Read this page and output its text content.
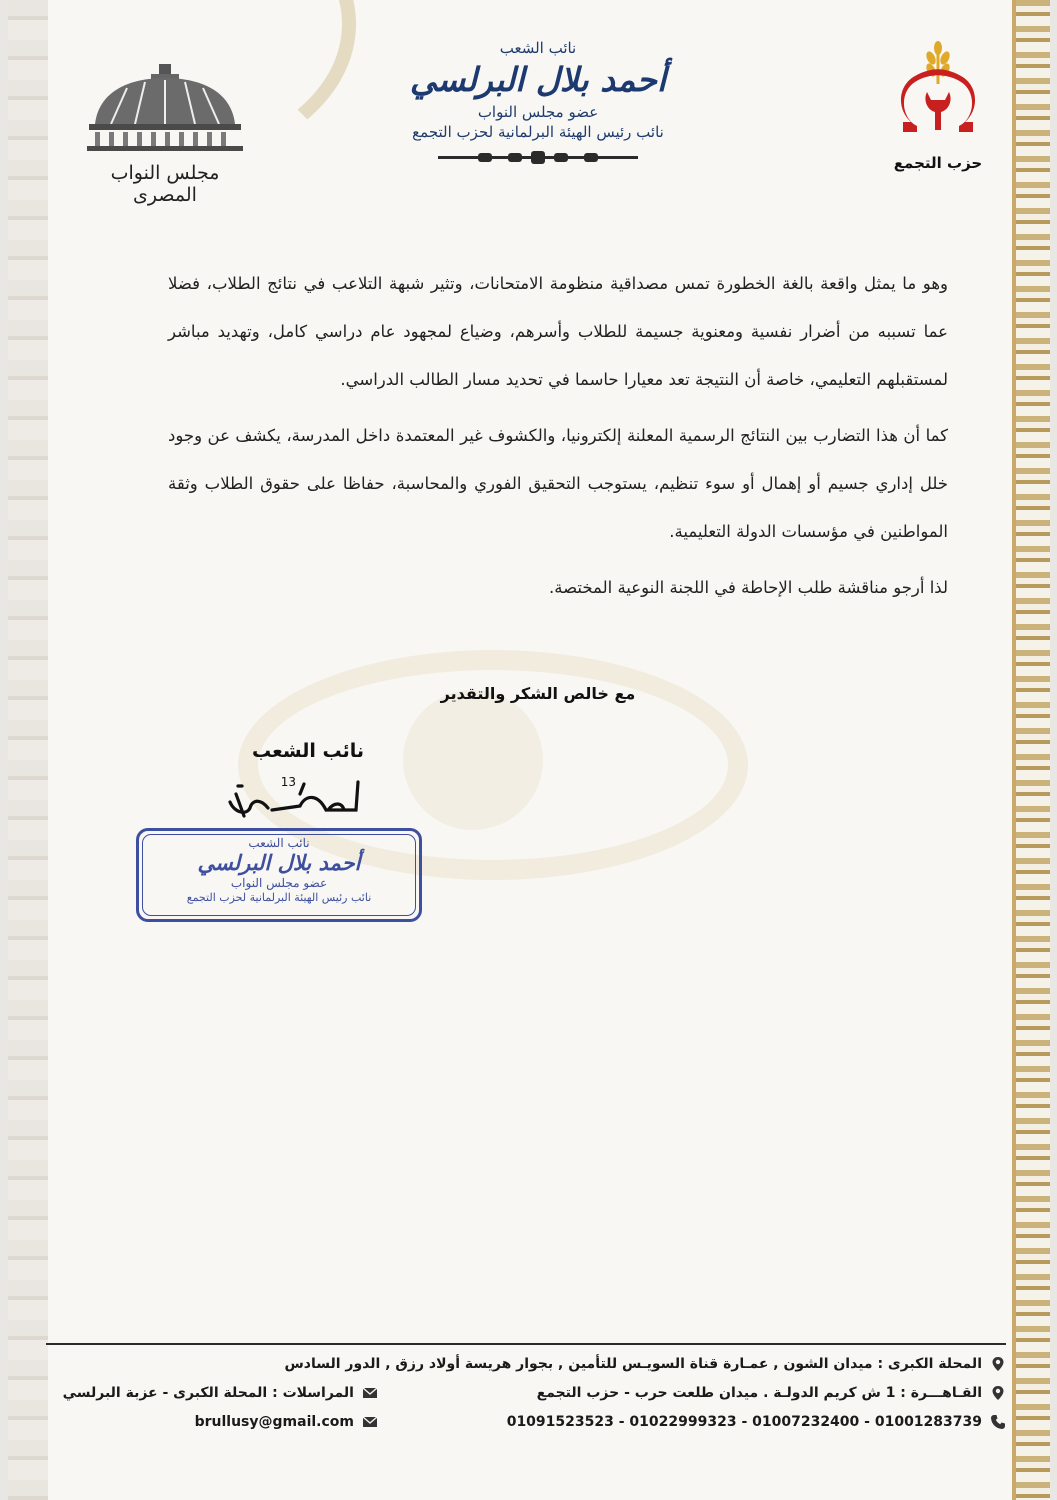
حزب التجمع
مجلس النواب المصرى
نائب الشعب
أحمد بلال البرلسي
عضو مجلس النواب
نائب رئيس الهيئة البرلمانية لحزب التجمع

وهو ما يمثل واقعة بالغة الخطورة تمس مصداقية منظومة الامتحانات، وتثير شبهة التلاعب في نتائج الطلاب، فضلا عما تسببه من أضرار نفسية ومعنوية جسيمة للطلاب وأسرهم، وضياع لمجهود عام دراسي كامل، وتهديد مباشر لمستقبلهم التعليمي، خاصة أن النتيجة تعد معيارا حاسما في تحديد مسار الطالب الدراسي.

كما أن هذا التضارب بين النتائج الرسمية المعلنة إلكترونيا، والكشوف غير المعتمدة داخل المدرسة، يكشف عن وجود خلل إداري جسيم أو إهمال أو سوء تنظيم، يستوجب التحقيق الفوري والمحاسبة، حفاظا على حقوق الطلاب وثقة المواطنين في مؤسسات الدولة التعليمية.

لذا أرجو مناقشة طلب الإحاطة في اللجنة النوعية المختصة.

مع خالص الشكر والتقدير
نائب الشعب
13
نائب الشعب
أحمد بلال البرلسي
عضو مجلس النواب
نائب رئيس الهيئة البرلمانية لحزب التجمع
المحلة الكبرى : ميدان الشون , عمـارة قناة السويـس للتأمين , بجوار هريسة أولاد رزق , الدور السادس
القـاهـــرة : 1 ش كريم الدولـة . ميدان طلعت حرب - حزب التجمع
المراسلات : المحلة الكبرى - عزبة البرلسي
01091523523 - 01022999323 - 01007232400 - 01001283739
brullusy@gmail.com
